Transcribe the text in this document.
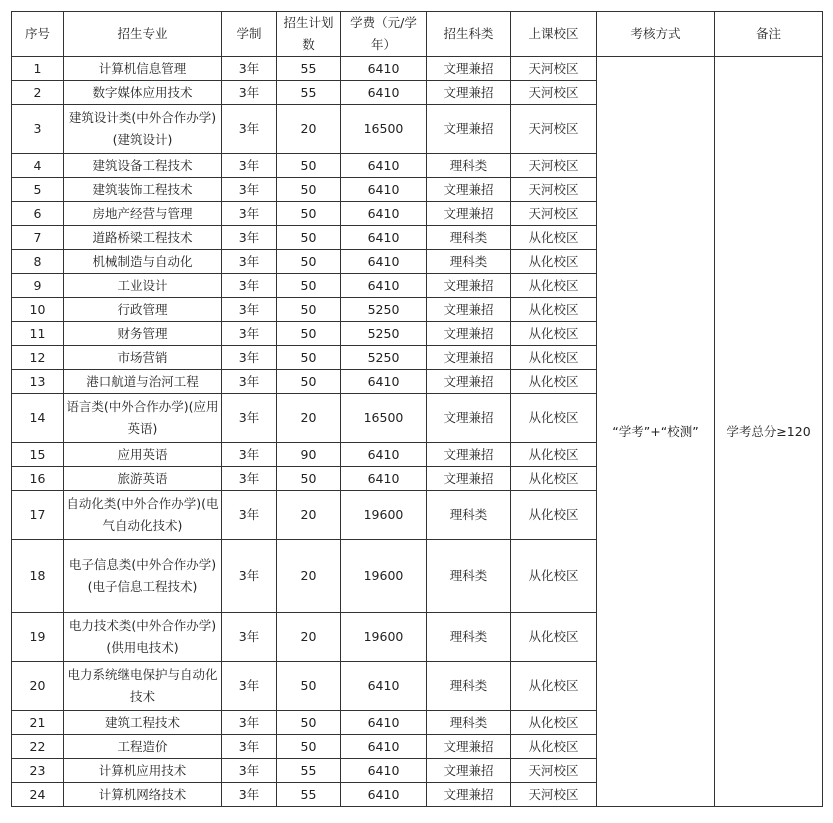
序号	招生专业	学制	招生计划数	学费（元/学年）	招生科类	上课校区	考核方式	备注
1	计算机信息管理	3年	55	6410	文理兼招	天河校区	“学考”+“校测”	学考总分≥120
2	数字媒体应用技术	3年	55	6410	文理兼招	天河校区		
3	建筑设计类(中外合作办学)(建筑设计)	3年	20	16500	文理兼招	天河校区		
4	建筑设备工程技术	3年	50	6410	理科类	天河校区		
5	建筑装饰工程技术	3年	50	6410	文理兼招	天河校区		
6	房地产经营与管理	3年	50	6410	文理兼招	天河校区		
7	道路桥梁工程技术	3年	50	6410	理科类	从化校区		
8	机械制造与自动化	3年	50	6410	理科类	从化校区		
9	工业设计	3年	50	6410	文理兼招	从化校区		
10	行政管理	3年	50	5250	文理兼招	从化校区		
11	财务管理	3年	50	5250	文理兼招	从化校区		
12	市场营销	3年	50	5250	文理兼招	从化校区		
13	港口航道与治河工程	3年	50	6410	文理兼招	从化校区		
14	语言类(中外合作办学)(应用英语)	3年	20	16500	文理兼招	从化校区		
15	应用英语	3年	90	6410	文理兼招	从化校区		
16	旅游英语	3年	50	6410	文理兼招	从化校区		
17	自动化类(中外合作办学)(电气自动化技术)	3年	20	19600	理科类	从化校区		
18	电子信息类(中外合作办学)(电子信息工程技术)	3年	20	19600	理科类	从化校区		
19	电力技术类(中外合作办学)(供用电技术)	3年	20	19600	理科类	从化校区		
20	电力系统继电保护与自动化技术	3年	50	6410	理科类	从化校区		
21	建筑工程技术	3年	50	6410	理科类	从化校区		
22	工程造价	3年	50	6410	文理兼招	从化校区		
23	计算机应用技术	3年	55	6410	文理兼招	天河校区		
24	计算机网络技术	3年	55	6410	文理兼招	天河校区		
